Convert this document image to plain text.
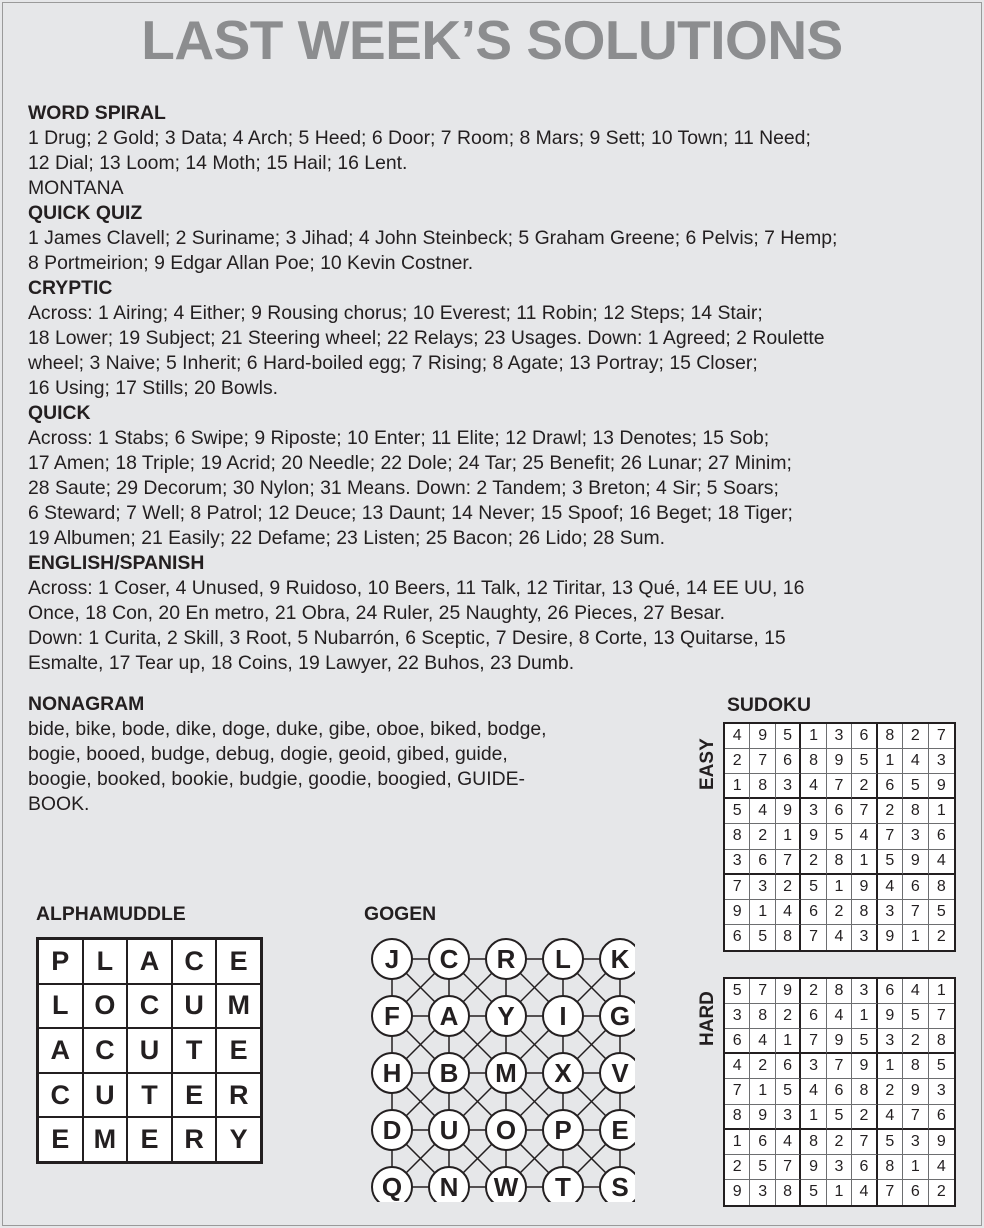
LAST WEEK’S SOLUTIONS
WORD SPIRAL
1 Drug; 2 Gold; 3 Data; 4 Arch; 5 Heed; 6 Door; 7 Room; 8 Mars; 9 Sett; 10 Town; 11 Need;
12 Dial; 13 Loom; 14 Moth; 15 Hail; 16 Lent.
MONTANA
QUICK QUIZ
1 James Clavell; 2 Suriname; 3 Jihad; 4 John Steinbeck; 5 Graham Greene; 6 Pelvis; 7 Hemp;
8 Portmeirion; 9 Edgar Allan Poe; 10 Kevin Costner.
CRYPTIC
Across: 1 Airing; 4 Either; 9 Rousing chorus; 10 Everest; 11 Robin; 12 Steps; 14 Stair;
18 Lower; 19 Subject; 21 Steering wheel; 22 Relays; 23 Usages. Down: 1 Agreed; 2 Roulette
wheel; 3 Naive; 5 Inherit; 6 Hard-boiled egg; 7 Rising; 8 Agate; 13 Portray; 15 Closer;
16 Using; 17 Stills; 20 Bowls.
QUICK
Across: 1 Stabs; 6 Swipe; 9 Riposte; 10 Enter; 11 Elite; 12 Drawl; 13 Denotes; 15 Sob;
17 Amen; 18 Triple; 19 Acrid; 20 Needle; 22 Dole; 24 Tar; 25 Benefit; 26 Lunar; 27 Minim;
28 Saute; 29 Decorum; 30 Nylon; 31 Means. Down: 2 Tandem; 3 Breton; 4 Sir; 5 Soars;
6 Steward; 7 Well; 8 Patrol; 12 Deuce; 13 Daunt; 14 Never; 15 Spoof; 16 Beget; 18 Tiger;
19 Albumen; 21 Easily; 22 Defame; 23 Listen; 25 Bacon; 26 Lido; 28 Sum.
ENGLISH/SPANISH
Across: 1 Coser, 4 Unused, 9 Ruidoso, 10 Beers, 11 Talk, 12 Tiritar, 13 Qué, 14 EE UU, 16
Once, 18 Con, 20 En metro, 21 Obra, 24 Ruler, 25 Naughty, 26 Pieces, 27 Besar.
Down: 1 Curita, 2 Skill, 3 Root, 5 Nubarrón, 6 Sceptic, 7 Desire, 8 Corte, 13 Quitarse, 15
Esmalte, 17 Tear up, 18 Coins, 19 Lawyer, 22 Buhos, 23 Dumb.
NONAGRAM
bide, bike, bode, dike, doge, duke, gibe, oboe, biked, bodge,
bogie, booed, budge, debug, dogie, geoid, gibed, guide,
boogie, booked, bookie, budgie, goodie, boogied, GUIDE-
BOOK.
ALPHAMUDDLE
P	L A C E
L O C U M
A C U T	E
C U T	E R
E M E R Y
GOGEN
J C R L K
F A Y I G
H B M X V
D U O P E
Q N W T S
SUDOKU
EASY
4	9	5	1	3	6	8	2	7
2	7	6	8	9	5	1	4	3
1	8	3	4	7	2	6	5	9
5	4	9	3	6	7	2	8	1
8	2	1	9	5	4	7	3	6
3	6	7	2	8	1	5	9	4
7	3	2	5	1	9	4	6	8
9	1	4	6	2	8	3	7	5
6	5	8	7	4	3	9	1	2
HARD
5	7	9	2	8	3	6	4	1
3	8	2	6	4	1	9	5	7
6	4	1	7	9	5	3	2	8
4	2	6	3	7	9	1	8	5
7	1	5	4	6	8	2	9	3
8	9	3	1	5	2	4	7	6
1	6	4	8	2	7	5	3	9
2	5	7	9	3	6	8	1	4
9	3	8	5	1	4	7	6	2
